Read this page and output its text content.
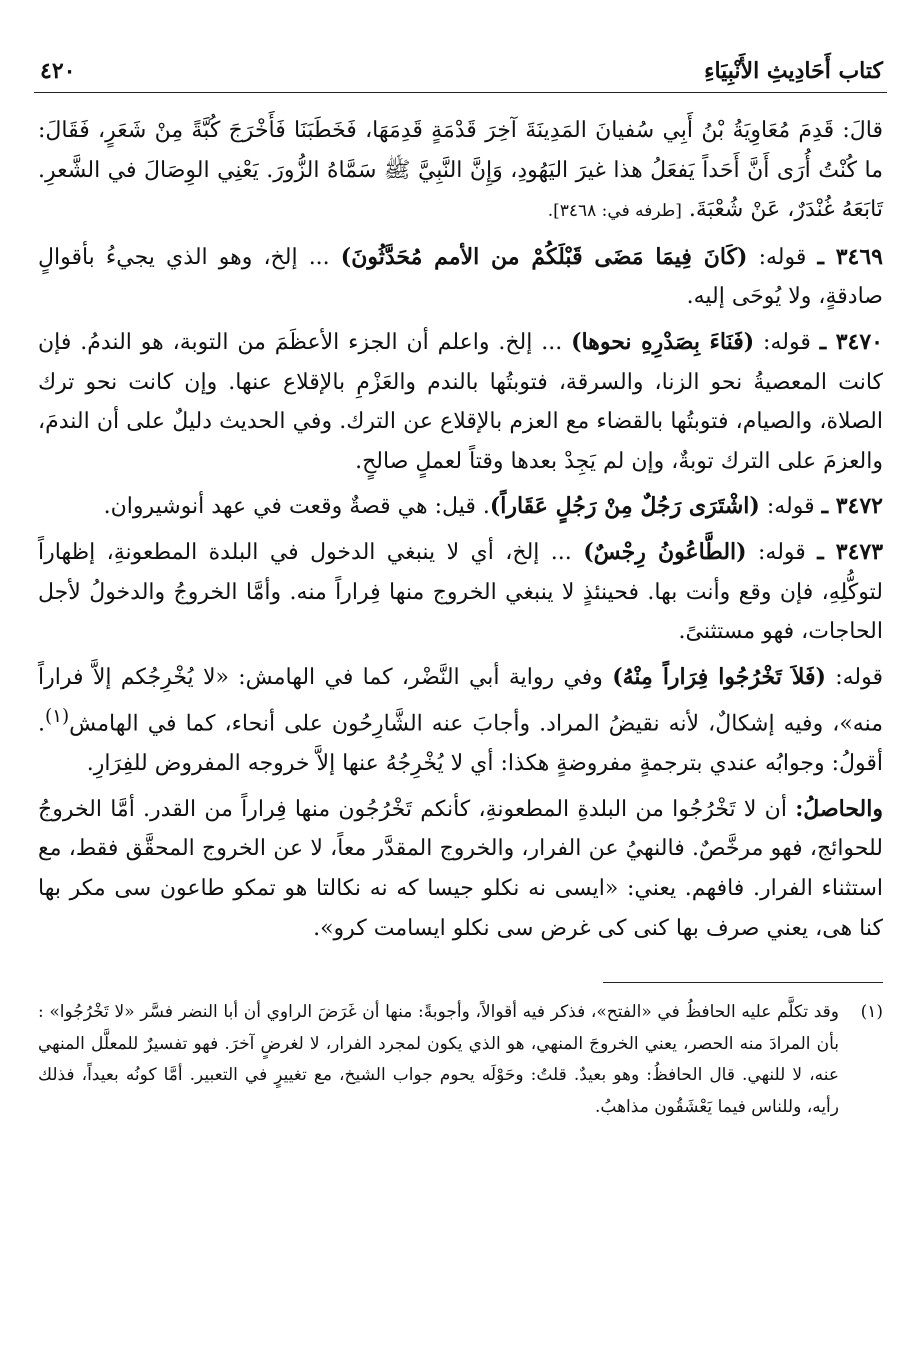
كتاب أَحَادِيثِ الأَنْبِيَاءِ
٤٢٠

قالَ: قَدِمَ مُعَاوِيَةُ بْنُ أَبِي سُفيانَ المَدِينَةَ آخِرَ قَدْمَةٍ قَدِمَهَا، فَخَطَبَنَا فَأَخْرَجَ كُبَّةً مِنْ شَعَرٍ، فَقَالَ: ما كُنْتُ أُرَى أَنَّ أَحَداً يَفعَلُ هذا غيرَ اليَهُودِ، وَإِنَّ النَّبِيَّ ﷺ سَمَّاهُ الزُّورَ. يَعْنِي الوِصَالَ في الشَّعرِ. تَابَعَهُ غُنْدَرٌ، عَنْ شُعْبَةَ. [طرفه في: ٣٤٦٨].

٣٤٦٩ ـ قوله: (كَانَ فِيمَا مَضَى قَبْلَكُمْ من الأمم مُحَدَّثُونَ) ... إلخ، وهو الذي يجيءُ بأقوالٍ صادقةٍ، ولا يُوحَى إليه.

٣٤٧٠ ـ قوله: (فَنَاءَ بِصَدْرِهِ نحوها) ... إلخ. واعلم أن الجزء الأعظَمَ من التوبة، هو الندمُ. فإن كانت المعصيةُ نحو الزنا، والسرقة، فتوبتُها بالندم والعَزْمِ بالإقلاع عنها. وإن كانت نحو ترك الصلاة، والصيام، فتوبتُها بالقضاء مع العزم بالإقلاع عن الترك. وفي الحديث دليلٌ على أن الندمَ، والعزمَ على الترك توبةٌ، وإن لم يَجِدْ بعدها وقتاً لعملٍ صالحٍ.

٣٤٧٢ ـ قوله: (اشْتَرَى رَجُلٌ مِنْ رَجُلٍ عَقَاراً). قيل: هي قصةٌ وقعت في عهد أنوشيروان.

٣٤٧٣ ـ قوله: (الطَّاعُونُ رِجْسٌ) ... إلخ، أي لا ينبغي الدخول في البلدة المطعونةِ، إظهاراً لتوكُّلِهِ، فإن وقع وأنت بها. فحينئذٍ لا ينبغي الخروج منها فِراراً منه. وأمَّا الخروجُ والدخولُ لأجل الحاجات، فهو مستثنىً.

قوله: (فَلاَ تَخْرُجُوا فِرَاراً مِنْهُ) وفي رواية أبي النَّضْر، كما في الهامش: «لا يُخْرِجُكم إلاَّ فراراً منه»، وفيه إشكالٌ، لأنه نقيضُ المراد. وأجابَ عنه الشَّارِحُون على أنحاء، كما في الهامش$^{(١)}$. أقولُ: وجوابُه عندي بترجمةٍ مفروضةٍ هكذا: أي لا يُخْرِجُهُ عنها إلاَّ خروجه المفروض للفِرَارِ.

والحاصلُ: أن لا تَخْرُجُوا من البلدةِ المطعونةِ، كأنكم تَخْرُجُون منها فِراراً من القدر. أمَّا الخروجُ للحوائج، فهو مرخَّصٌ. فالنهيُ عن الفرار، والخروج المقدَّر معاً، لا عن الخروج المحقَّق فقط، مع استثناء الفرار. فافهم. يعني: «ايسى نه نكلو جيسا كه نه نكالتا هو تمكو طاعون سى مكر بها كنا هى، يعني صرف بها كنى كى غرض سى نكلو ايسامت كرو».

(١)
وقد تكلَّم عليه الحافظُ في «الفتح»، فذكر فيه أقوالاً، وأجوبةً: منها أن غَرَضَ الراوي أن أبا النضر فسَّر «لا تَخْرُجُوا» : بأن المرادَ منه الحصر، يعني الخروجَ المنهي، هو الذي يكون لمجرد الفرار، لا لغرضٍ آخرَ. فهو تفسيرٌ للمعلَّل المنهي عنه، لا للنهي. قال الحافظُ: وهو بعيدٌ. قلتُ: وحَوْلَه يحوم جواب الشيخ، مع تغييرٍ في التعبير. أمَّا كونُه بعيداً، فذلك رأيه، وللناس فيما يَعْشَقُون مذاهبُ.
